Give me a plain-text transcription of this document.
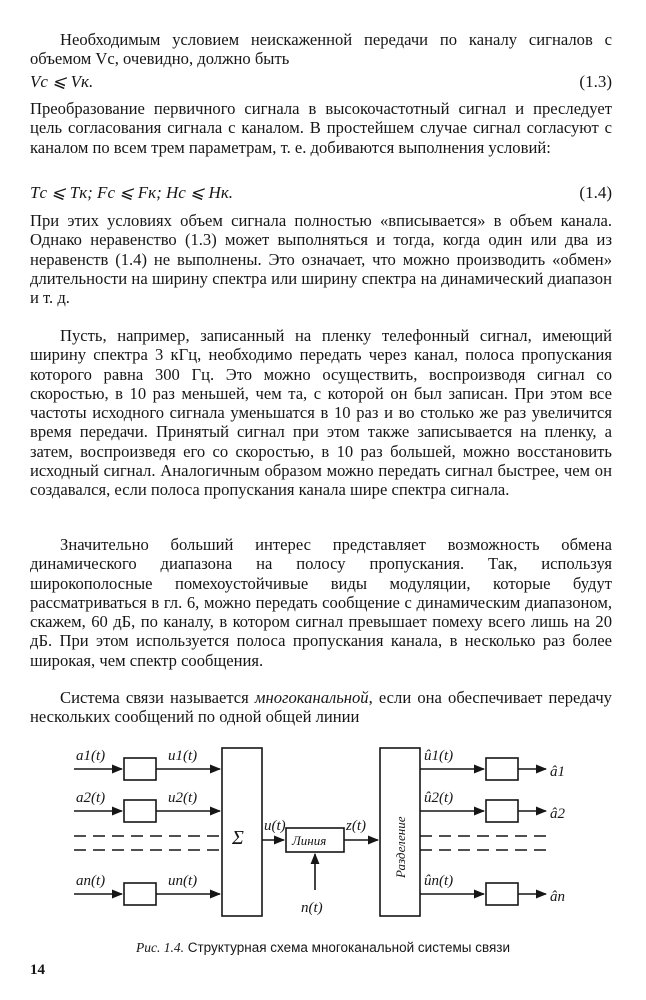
Необходимым условием неискаженной передачи по каналу сигналов с объемом Vс, очевидно, должно быть

Vс ⩽ Vк.	(1.3)

Преобразование первичного сигнала в высокочастотный сигнал и преследует цель согласования сигнала с каналом. В простейшем случае сигнал согласуют с каналом по всем трем параметрам, т. е. добиваются выполнения условий:

Tс ⩽ Tк; Fс ⩽ Fк; Hс ⩽ Hк.	(1.4)

При этих условиях объем сигнала полностью «вписывается» в объем канала. Однако неравенство (1.3) может выполняться и тогда, когда один или два из неравенств (1.4) не выполнены. Это означает, что можно производить «обмен» длительности на ширину спектра или ширину спектра на динамический диапазон и т. д.

Пусть, например, записанный на пленку телефонный сигнал, имеющий ширину спектра 3 кГц, необходимо передать через канал, полоса пропускания которого равна 300 Гц. Это можно осуществить, воспроизводя сигнал со скоростью, в 10 раз меньшей, чем та, с которой он был записан. При этом все частоты исходного сигнала уменьшатся в 10 раз и во столько же раз увеличится время передачи. Принятый сигнал при этом также записывается на пленку, а затем, воспроизведя его со скоростью, в 10 раз большей, можно восстановить исходный сигнал. Аналогичным образом можно передать сигнал быстрее, чем он создавался, если полоса пропускания канала шире спектра сигнала.

Значительно больший интерес представляет возможность обмена динамического диапазона на полосу пропускания. Так, используя широкополосные помехоустойчивые виды модуляции, которые будут рассматриваться в гл. 6, можно передать сообщение с динамическим диапазоном, скажем, 60 дБ, по каналу, в котором сигнал превышает помеху всего лишь на 20 дБ. При этом используется полоса пропускания канала, в несколько раз более широкая, чем спектр сообщения.

Система связи называется многоканальной, если она обеспечивает передачу нескольких сообщений по одной общей линии

a1(t)
a2(t)
an(t)
u1(t)
u2(t)
un(t)
u(t)	z(t)
n(t)
û1(t)
û2(t)
ûn(t)
â1
â2
ân
Линия
Σ	Разделение
Рис. 1.4. Структурная схема многоканальной системы связи
14
